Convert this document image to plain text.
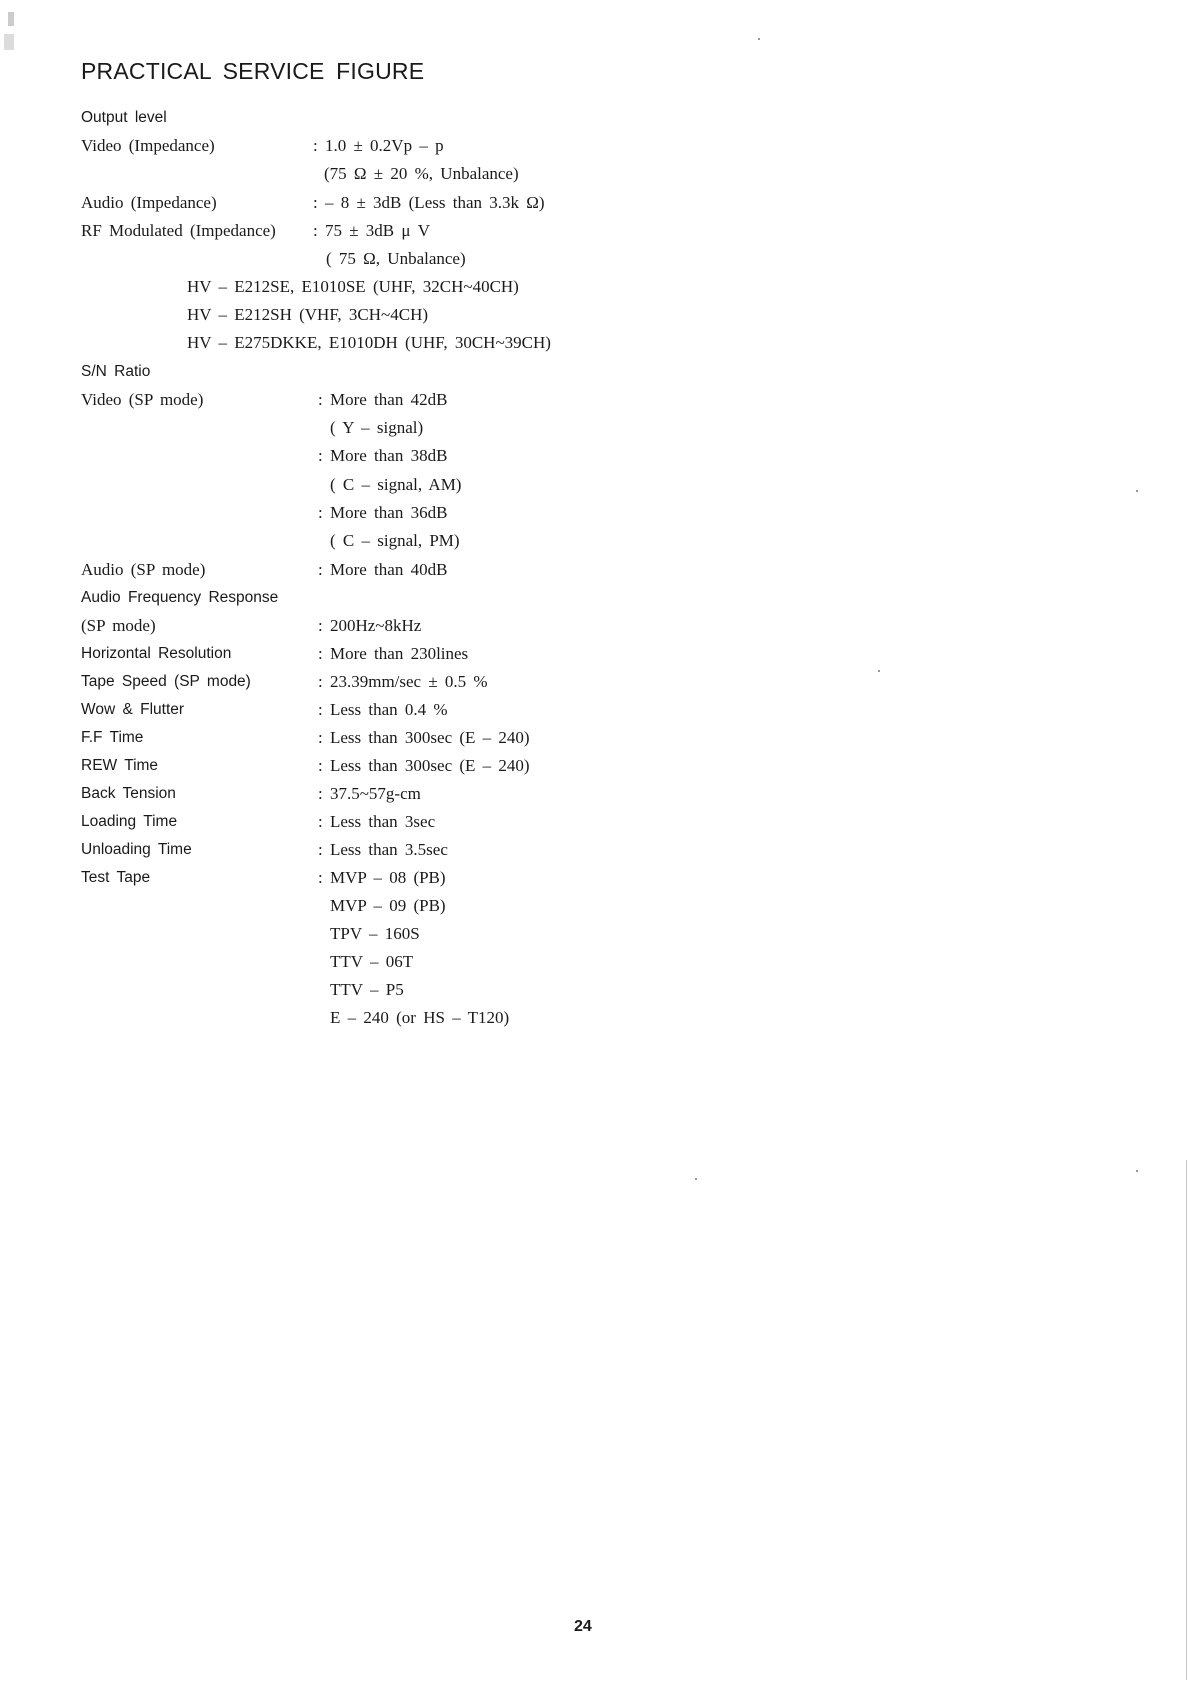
PRACTICAL SERVICE FIGURE
Output level
Video (Impedance)	: 1.0 ± 0.2Vp – p
(75 Ω ± 20 %, Unbalance)
Audio (Impedance)	: – 8 ± 3dB (Less than 3.3k Ω)
RF Modulated (Impedance) : 75 ± 3dB μ V
( 75 Ω, Unbalance)
HV – E212SE, E1010SE (UHF, 32CH~40CH)
HV – E212SH (VHF, 3CH~4CH)
HV – E275DKKE, E1010DH (UHF, 30CH~39CH)
S/N Ratio
Video (SP mode)	: More than 42dB
( Y – signal)
: More than 38dB
( C – signal, AM)
: More than 36dB
( C – signal, PM)
Audio (SP mode)	: More than 40dB
Audio Frequency Response
(SP mode)	: 200Hz~8kHz
Horizontal Resolution	: More than 230lines
Tape Speed (SP mode)	: 23.39mm/sec ± 0.5 %
Wow & Flutter	: Less than 0.4 %
F.F Time	: Less than 300sec (E – 240)
REW Time	: Less than 300sec (E – 240)
Back Tension	: 37.5~57g-cm
Loading Time	: Less than 3sec
Unloading Time	: Less than 3.5sec
Test Tape	: MVP – 08 (PB)
MVP – 09 (PB)
TPV – 160S
TTV – 06T
TTV – P5
E – 240 (or HS – T120)
24
